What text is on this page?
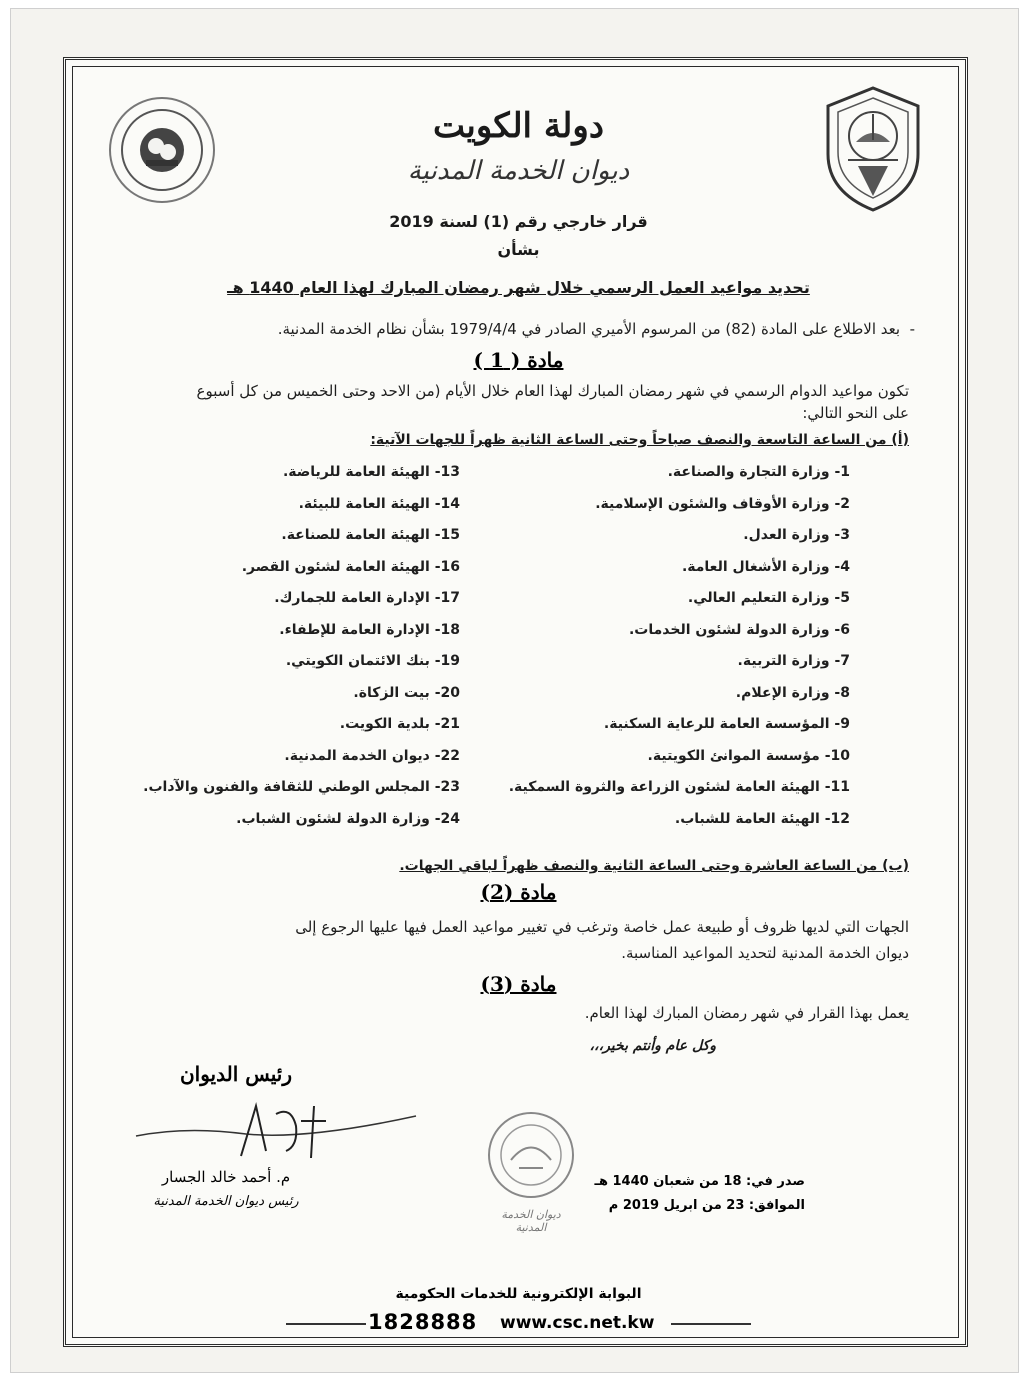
دولة الكويت
ديوان الخدمة المدنية
قرار خارجي رقم (1) لسنة 2019
بشأن
تحديد مواعيد العمل الرسمي خلال شهر رمضان المبارك لهذا العام 1440 هـ
-  بعد الاطلاع على المادة (82) من المرسوم الأميري الصادر في 1979/4/4 بشأن نظام الخدمة المدنية.
مادة ( 1 )
تكون مواعيد الدوام الرسمي في شهر رمضان المبارك لهذا العام خلال الأيام (من الاحد وحتى الخميس من كل أسبوع
على النحو التالي:
(أ) من الساعة التاسعة والنصف صباحاً وحتى الساعة الثانية ظهراً للجهات الآتية:
1- وزارة التجارة والصناعة.
2- وزارة الأوقاف والشئون الإسلامية.
3- وزارة العدل.
4- وزارة الأشغال العامة.
5- وزارة التعليم العالي.
6- وزارة الدولة لشئون الخدمات.
7- وزارة التربية.
8- وزارة الإعلام.
9- المؤسسة العامة للرعاية السكنية.
10- مؤسسة الموانئ الكويتية.
11- الهيئة العامة لشئون الزراعة والثروة السمكية.
12- الهيئة العامة للشباب.
13- الهيئة العامة للرياضة.
14- الهيئة العامة للبيئة.
15- الهيئة العامة للصناعة.
16- الهيئة العامة لشئون القصر.
17- الإدارة العامة للجمارك.
18- الإدارة العامة للإطفاء.
19- بنك الائتمان الكويتي.
20- بيت الزكاة.
21- بلدية الكويت.
22- ديوان الخدمة المدنية.
23- المجلس الوطني للثقافة والفنون والآداب.
24- وزارة الدولة لشئون الشباب.
(ب) من الساعة العاشرة وحتى الساعة الثانية والنصف ظهراً لباقي الجهات.
مادة (2)
الجهات التي لديها ظروف أو طبيعة عمل خاصة وترغب في تغيير مواعيد العمل فيها عليها الرجوع إلى
ديوان الخدمة المدنية لتحديد المواعيد المناسبة.
مادة (3)
يعمل بهذا القرار في شهر رمضان المبارك لهذا العام.
وكل عام وأنتم بخير،،،
رئيس الديوان
م. أحمد خالد الجسار
رئيس ديوان الخدمة المدنية
ديوان الخدمة المدنية
صدر في: 18 من شعبان 1440 هـ
الموافق: 23 من ابريل 2019 م
البوابة الإلكترونية للخدمات الحكومية
1828888 www.csc.net.kw
